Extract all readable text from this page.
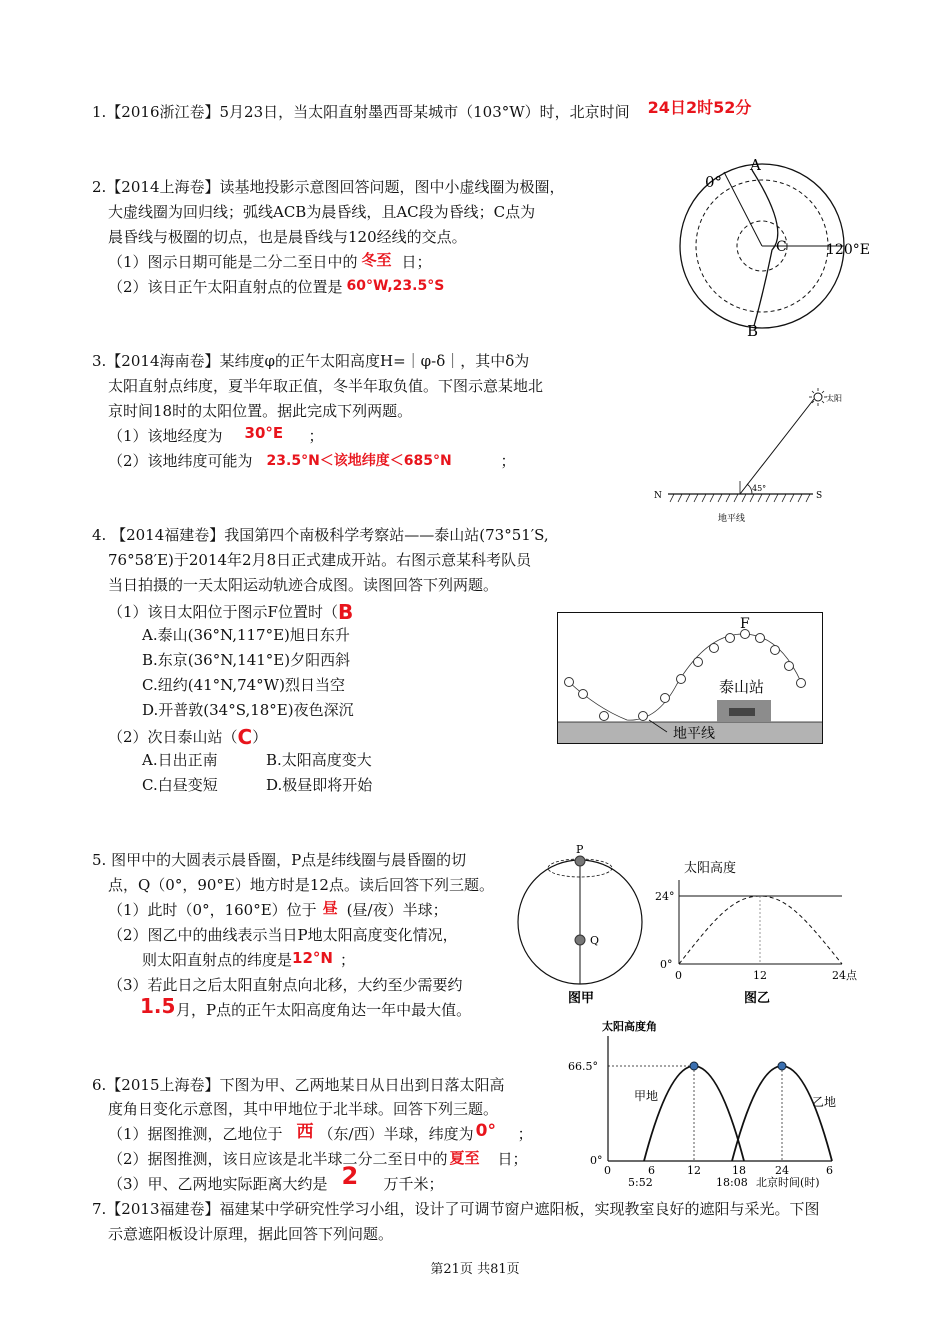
1.【2016浙江卷】5月23日，当太阳直射墨西哥某城市（103°W）时，北京时间 24日2时52分
2.【2014上海卷】读基地投影示意图回答问题，图中小虚线圈为极圈，
大虚线圈为回归线；弧线ACB为晨昏线，且AC段为昏线；C点为
晨昏线与极圈的切点，也是晨昏线与120经线的交点。
（1）图示日期可能是二分二至日中的 冬至 日；
（2）该日正午太阳直射点的位置是 60°W,23.5°S
0°
A
B
C	120°E
3.【2014海南卷】某纬度φ的正午太阳高度H=｜φ-δ｜，其中δ为
太阳直射点纬度，夏半年取正值，冬半年取负值。下图示意某地北
京时间18时的太阳位置。据此完成下列两题。
（1）该地经度为 30°E ；
（2）该地纬度可能为 23.5°N＜该地纬度＜685°N	；
太阳
45°
N	S
地平线
4. 【2014福建卷】我国第四个南极科学考察站——泰山站(73°51′S,
76°58′E)于2014年2月8日正式建成开站。右图示意某科考队员
当日拍摄的一天太阳运动轨迹合成图。读图回答下列两题。
（1）该日太阳位于图示F位置时（B
A.泰山(36°N,117°E)旭日东升
B.东京(36°N,141°E)夕阳西斜
C.纽约(41°N,74°W)烈日当空
D.开普敦(34°S,18°E)夜色深沉
（2）次日泰山站（C）
A.日出正南	B.太阳高度变大
C.白昼变短	D.极昼即将开始
F
泰山站
地平线
5. 图甲中的大圆表示晨昏圈，P点是纬线圈与晨昏圈的切
点，Q（0°，90°E）地方时是12点。读后回答下列三题。
（1）此时（0°，160°E）位于 昼 (昼/夜）半球；
（2）图乙中的曲线表示当日P地太阳高度变化情况，
则太阳直射点的纬度是 12°N ；
（3）若此日之后太阳直射点向北移，大约至少需要约
1.5 月，P点的正午太阳高度角达一年中最大值。
P
Q
图甲
太阳高度
24°
0°
0	12	24点
图乙
太阳高度角
66.5°
0°
甲地	乙地
0	6	12	18	24	6
5:52	18:08 北京时间(时)
6.【2015上海卷】下图为甲、乙两地某日从日出到日落太阳高
度角日变化示意图，其中甲地位于北半球。回答下列三题。
（1）据图推测，乙地位于 西 （东/西）半球，纬度为 0° ；
（2）据图推测，该日应该是北半球二分二至日中的 夏至 日；
（3）甲、乙两地实际距离大约是 2 万千米；
7.【2013福建卷】福建某中学研究性学习小组，设计了可调节窗户遮阳板，实现教室良好的遮阳与采光。下图
示意遮阳板设计原理，据此回答下列问题。
第21页 共81页
